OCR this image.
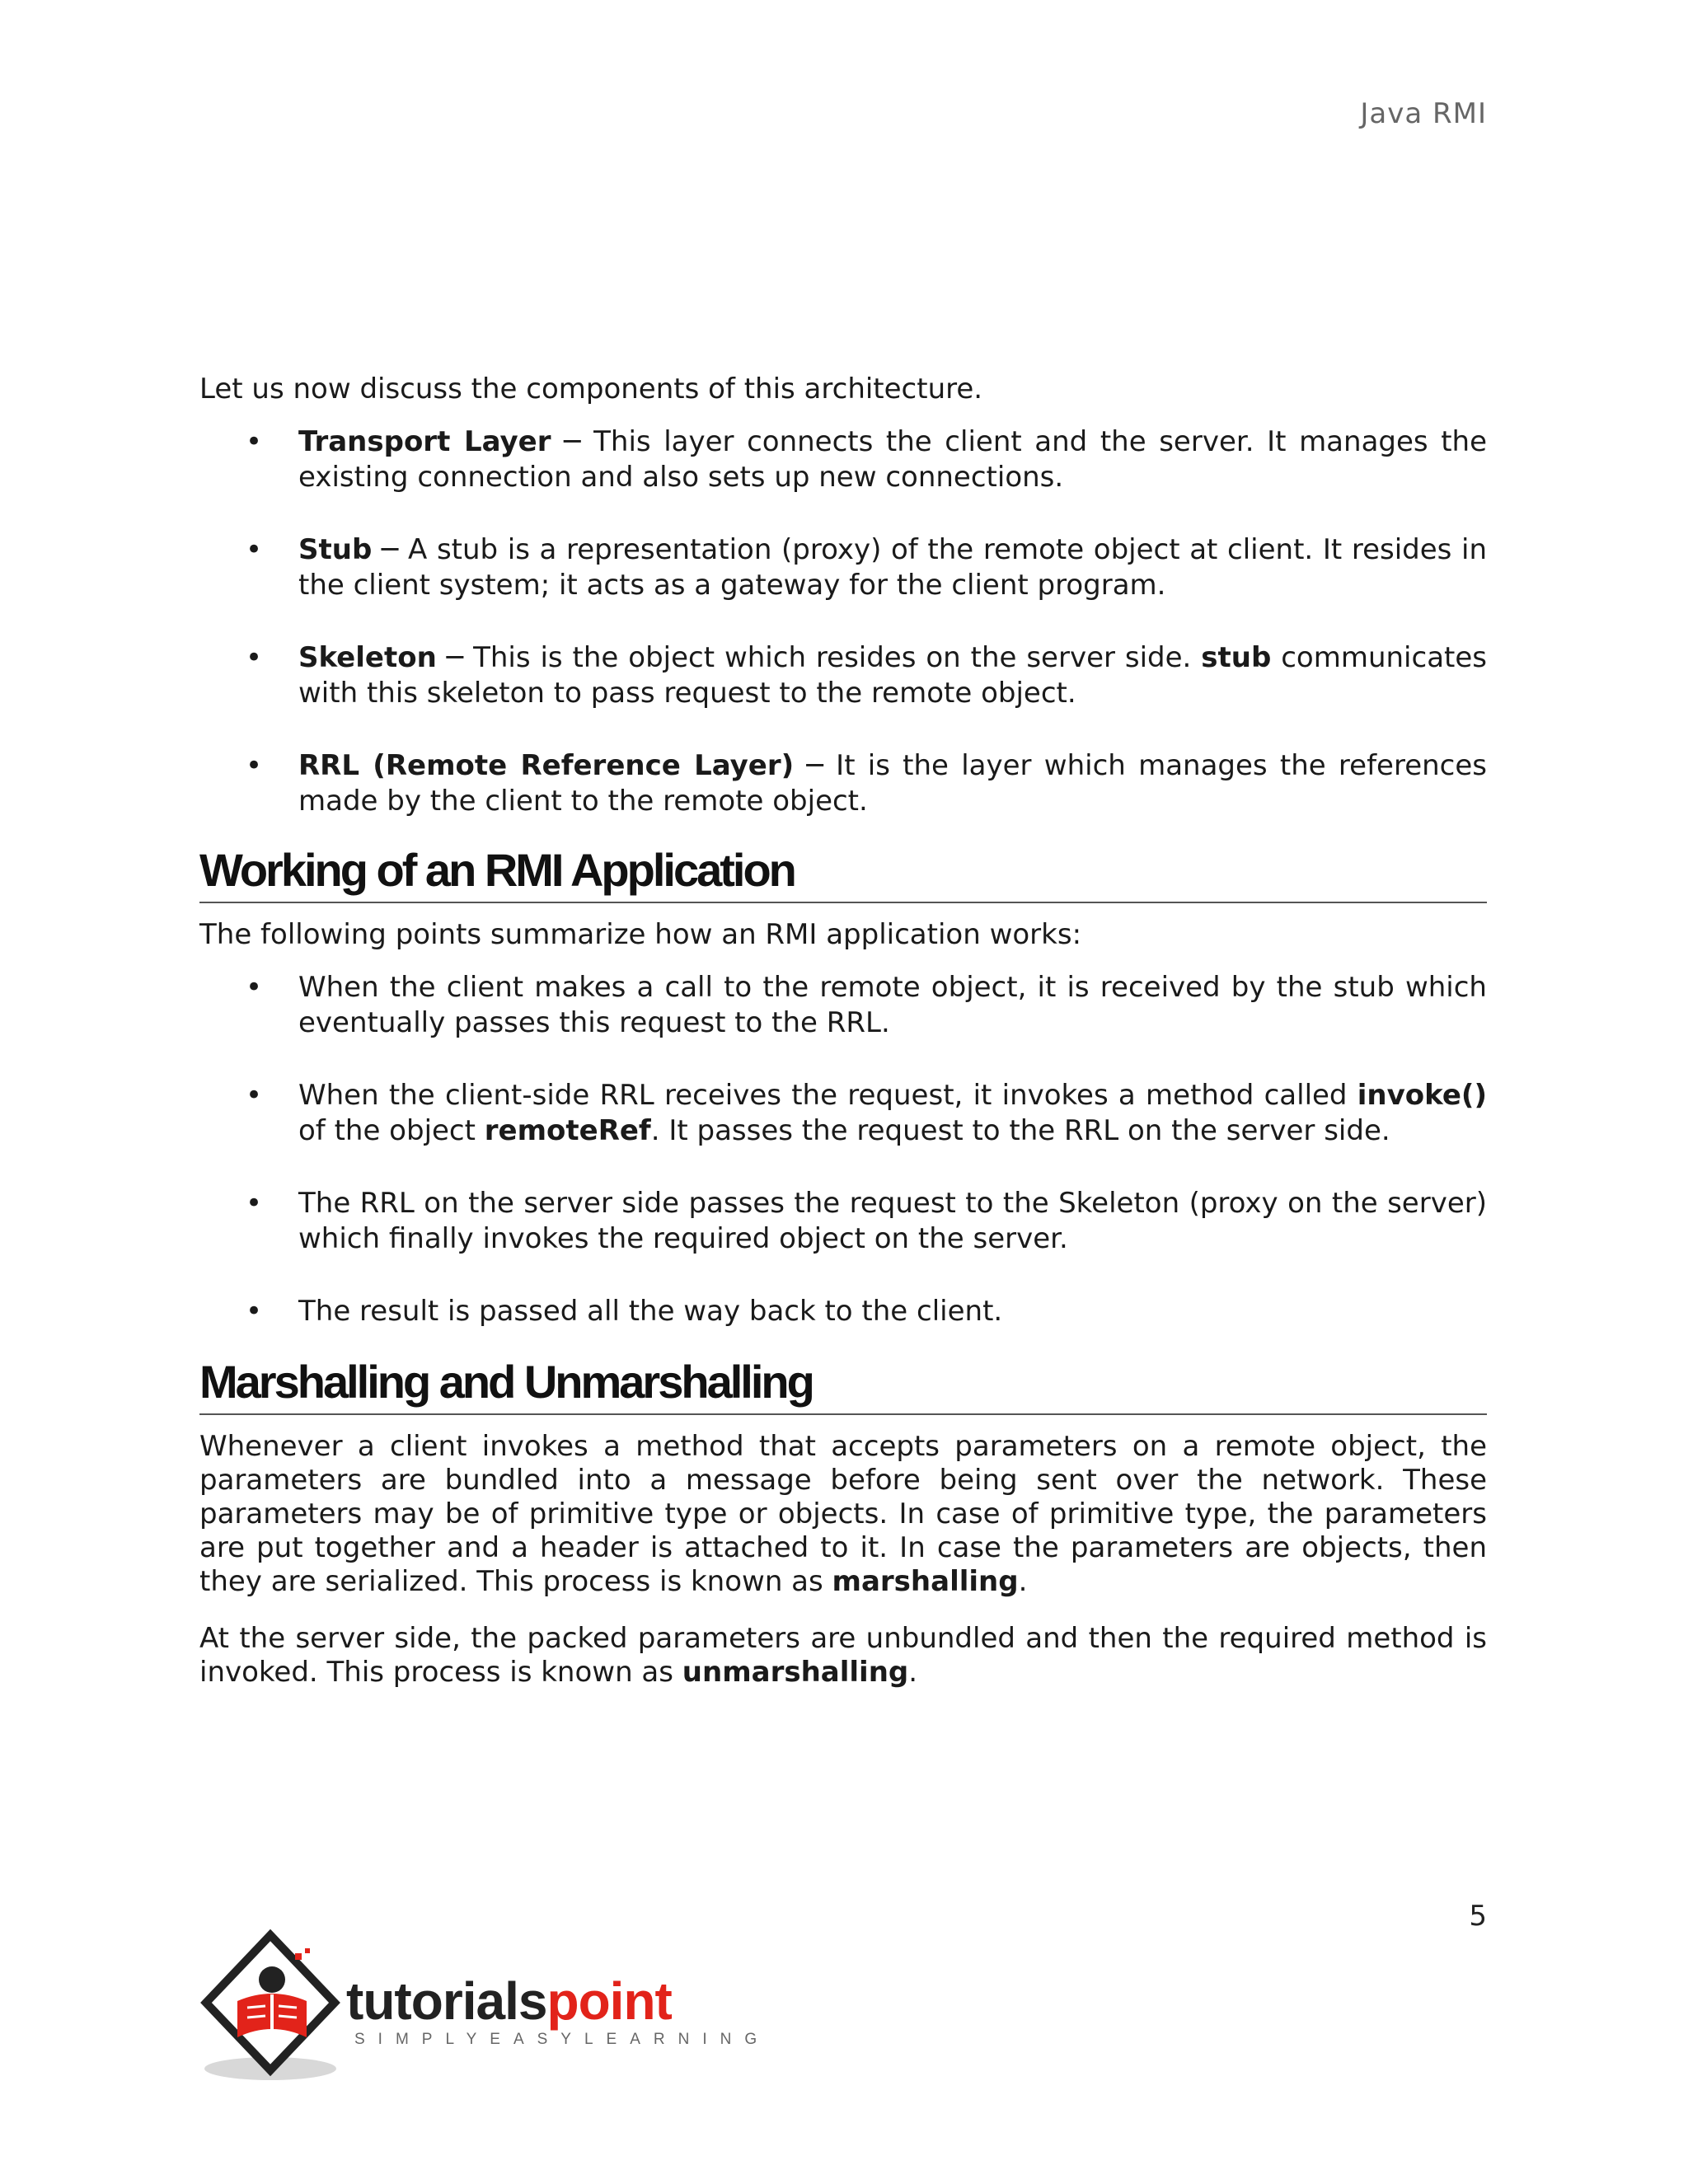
Java RMI

Let us now discuss the components of this architecture.

• Transport Layer ─ This layer connects the client and the server. It manages the existing connection and also sets up new connections.
• Stub ─ A stub is a representation (proxy) of the remote object at client. It resides in the client system; it acts as a gateway for the client program.
• Skeleton ─ This is the object which resides on the server side. stub communicates with this skeleton to pass request to the remote object.
• RRL (Remote Reference Layer) ─ It is the layer which manages the references made by the client to the remote object.
Working of an RMI Application

The following points summarize how an RMI application works:

• When the client makes a call to the remote object, it is received by the stub which eventually passes this request to the RRL.
• When the client-side RRL receives the request, it invokes a method called invoke() of the object remoteRef. It passes the request to the RRL on the server side.
• The RRL on the server side passes the request to the Skeleton (proxy on the server) which finally invokes the required object on the server.
• The result is passed all the way back to the client.
Marshalling and Unmarshalling

Whenever a client invokes a method that accepts parameters on a remote object, the parameters are bundled into a message before being sent over the network. These parameters may be of primitive type or objects. In case of primitive type, the parameters are put together and a header is attached to it. In case the parameters are objects, then they are serialized. This process is known as marshalling.

At the server side, the packed parameters are unbundled and then the required method is invoked. This process is known as unmarshalling.

5
tutorialspoint
SIMPLYEASYLEARNING
